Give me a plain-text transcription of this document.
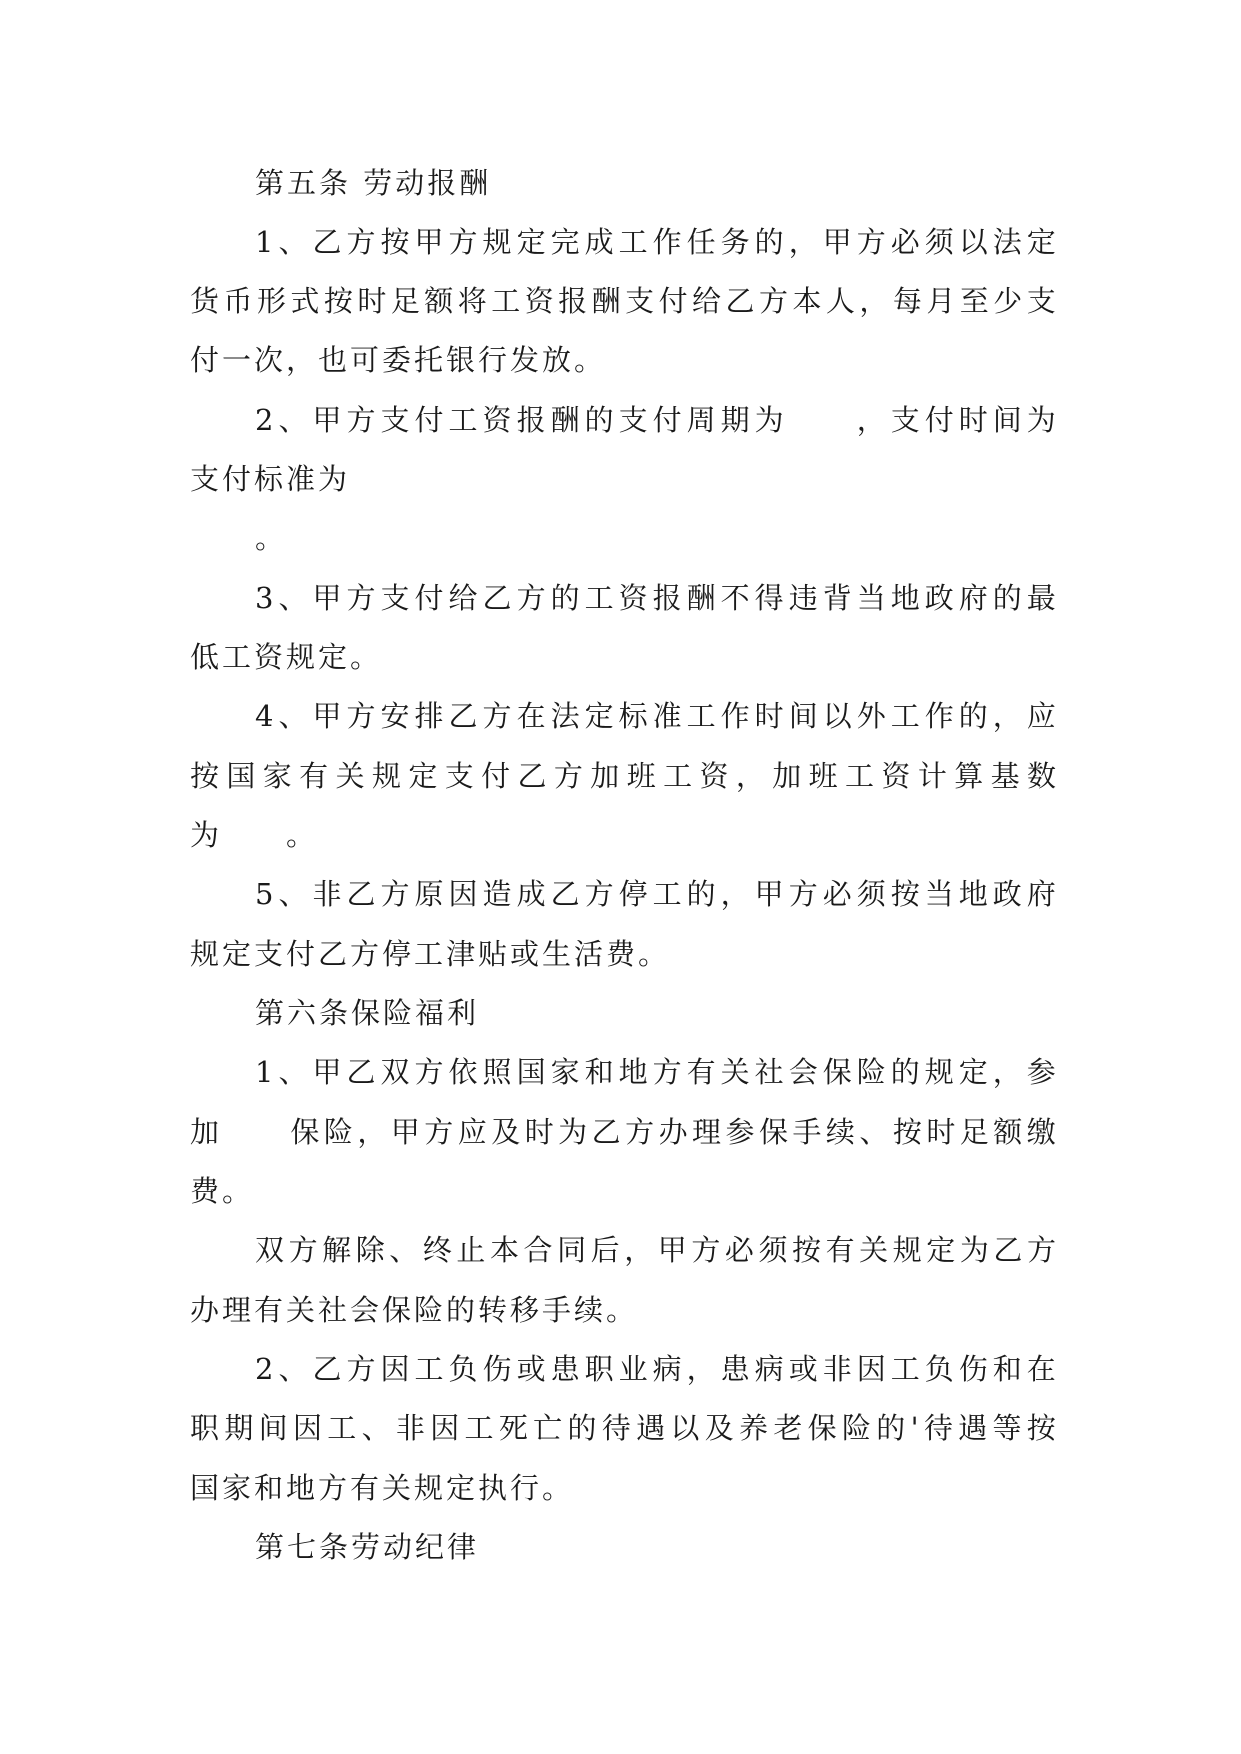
第五条 劳动报酬
1 、 乙 方 按 甲 方 规 定 完 成 工 作 任 务 的 ， 甲 方 必 须 以 法 定
货 币 形 式 按 时 足 额 将 工 资 报 酬 支 付 给 乙 方 本 人 ， 每 月 至 少 支
付一次，也可委托银行发放。
2 、 甲 方 支 付 工 资 报 酬 的 支 付 周 期 为

　	， 支 付 时 间 为
支付标准为
。
3 、 甲 方 支 付 给 乙 方 的 工 资 报 酬 不 得 违 背 当 地 政 府 的 最
低工资规定。
4 、 甲 方 安 排 乙 方 在 法 定 标 准 工 作 时 间 以 外 工 作 的 ， 应
按 国 家 有 关 规 定 支 付 乙 方 加 班 工 资 ， 加 班 工 资 计 算 基 数
为　　。
5 、 非 乙 方 原 因 造 成 乙 方 停 工 的 ， 甲 方 必 须 按 当 地 政 府
规定支付乙方停工津贴或生活费。
第六条保险福利
1 、 甲 乙 双 方 依 照 国 家 和 地 方 有 关 社 会 保 险 的 规 定 ， 参
加

　 保 险 ， 甲 方 应 及 时 为 乙 方 办 理 参 保 手 续 、 按 时 足 额 缴
费。
双 方 解 除 、 终 止 本 合 同 后 ， 甲 方 必 须 按 有 关 规 定 为 乙 方
办理有关社会保险的转移手续。
2 、 乙 方 因 工 负 伤 或 患 职 业 病 ， 患 病 或 非 因 工 负 伤 和 在
职 期 间 因 工 、 非 因 工 死 亡 的 待 遇 以 及 养 老 保 险 的 ' 待 遇 等 按
国家和地方有关规定执行。
第七条劳动纪律
